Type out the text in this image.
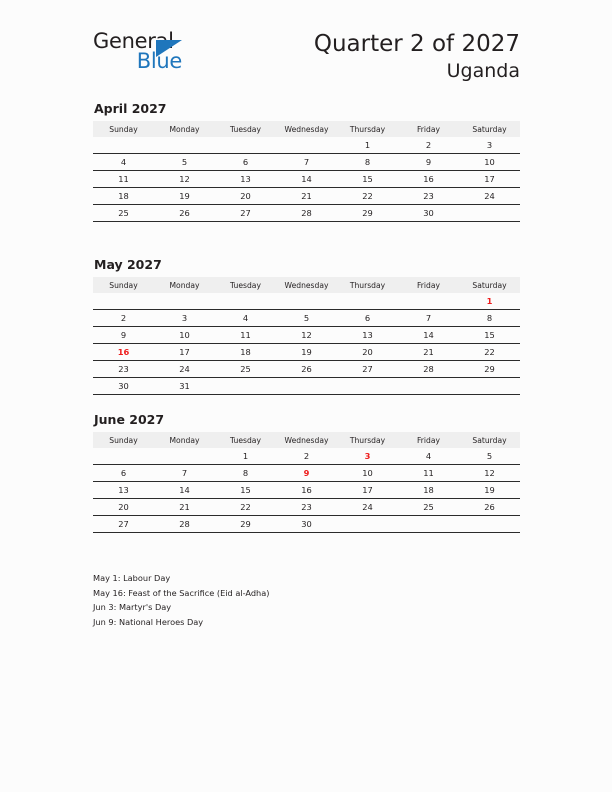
General
Blue
Quarter 2 of 2027
Uganda
April 2027
Sunday	Monday	Tuesday	Wednesday	Thursday	Friday	Saturday
				1	2	3
4	5	6	7	8	9	10
11	12	13	14	15	16	17
18	19	20	21	22	23	24
25	26	27	28	29	30	
May 2027
Sunday	Monday	Tuesday	Wednesday	Thursday	Friday	Saturday
						1
2	3	4	5	6	7	8
9	10	11	12	13	14	15
16	17	18	19	20	21	22
23	24	25	26	27	28	29
30	31					
June 2027
Sunday	Monday	Tuesday	Wednesday	Thursday	Friday	Saturday
		1	2	3	4	5
6	7	8	9	10	11	12
13	14	15	16	17	18	19
20	21	22	23	24	25	26
27	28	29	30			
May 1: Labour Day
May 16: Feast of the Sacrifice (Eid al-Adha)
Jun 3: Martyr's Day
Jun 9: National Heroes Day
